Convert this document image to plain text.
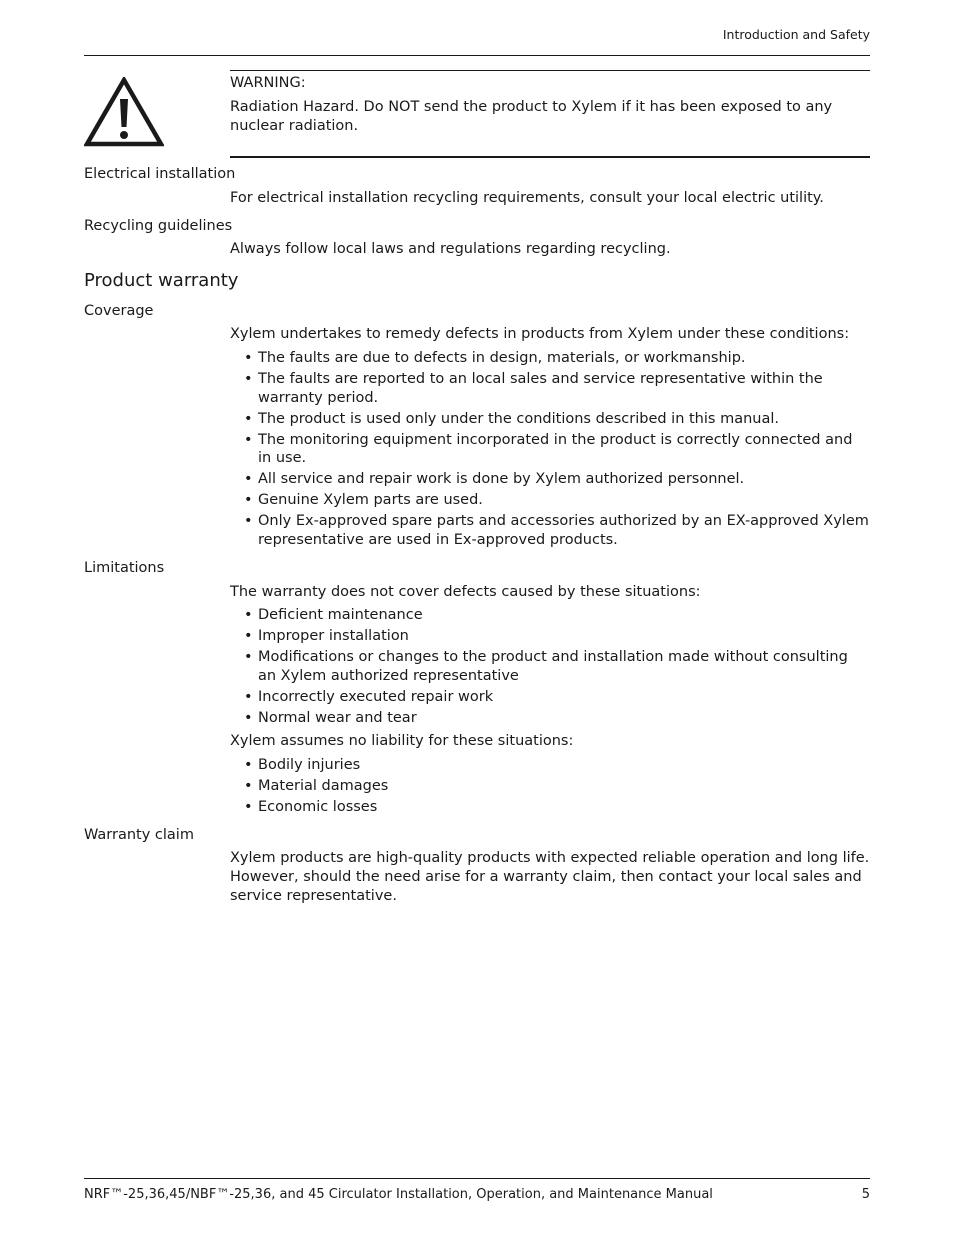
Introduction and Safety
WARNING:
Radiation Hazard. Do NOT send the product to Xylem if it has been exposed to any nuclear radiation.
Electrical installation
For electrical installation recycling requirements, consult your local electric utility.
Recycling guidelines
Always follow local laws and regulations regarding recycling.
Product warranty
Coverage
Xylem undertakes to remedy defects in products from Xylem under these conditions:
• The faults are due to defects in design, materials, or workmanship.
• The faults are reported to an local sales and service representative within the warranty period.
• The product is used only under the conditions described in this manual.
• The monitoring equipment incorporated in the product is correctly connected and in use.
• All service and repair work is done by Xylem authorized personnel.
• Genuine Xylem parts are used.
• Only Ex-approved spare parts and accessories authorized by an EX-approved Xylem representative are used in Ex-approved products.
Limitations
The warranty does not cover defects caused by these situations:
• Deficient maintenance
• Improper installation
• Modifications or changes to the product and installation made without consulting an Xylem authorized representative
• Incorrectly executed repair work
• Normal wear and tear
Xylem assumes no liability for these situations:
• Bodily injuries
• Material damages
• Economic losses
Warranty claim
Xylem products are high-quality products with expected reliable operation and long life. However, should the need arise for a warranty claim, then contact your local sales and service representative.
NRF™-25,36,45/NBF™-25,36, and 45 Circulator Installation, Operation, and Maintenance Manual	5
